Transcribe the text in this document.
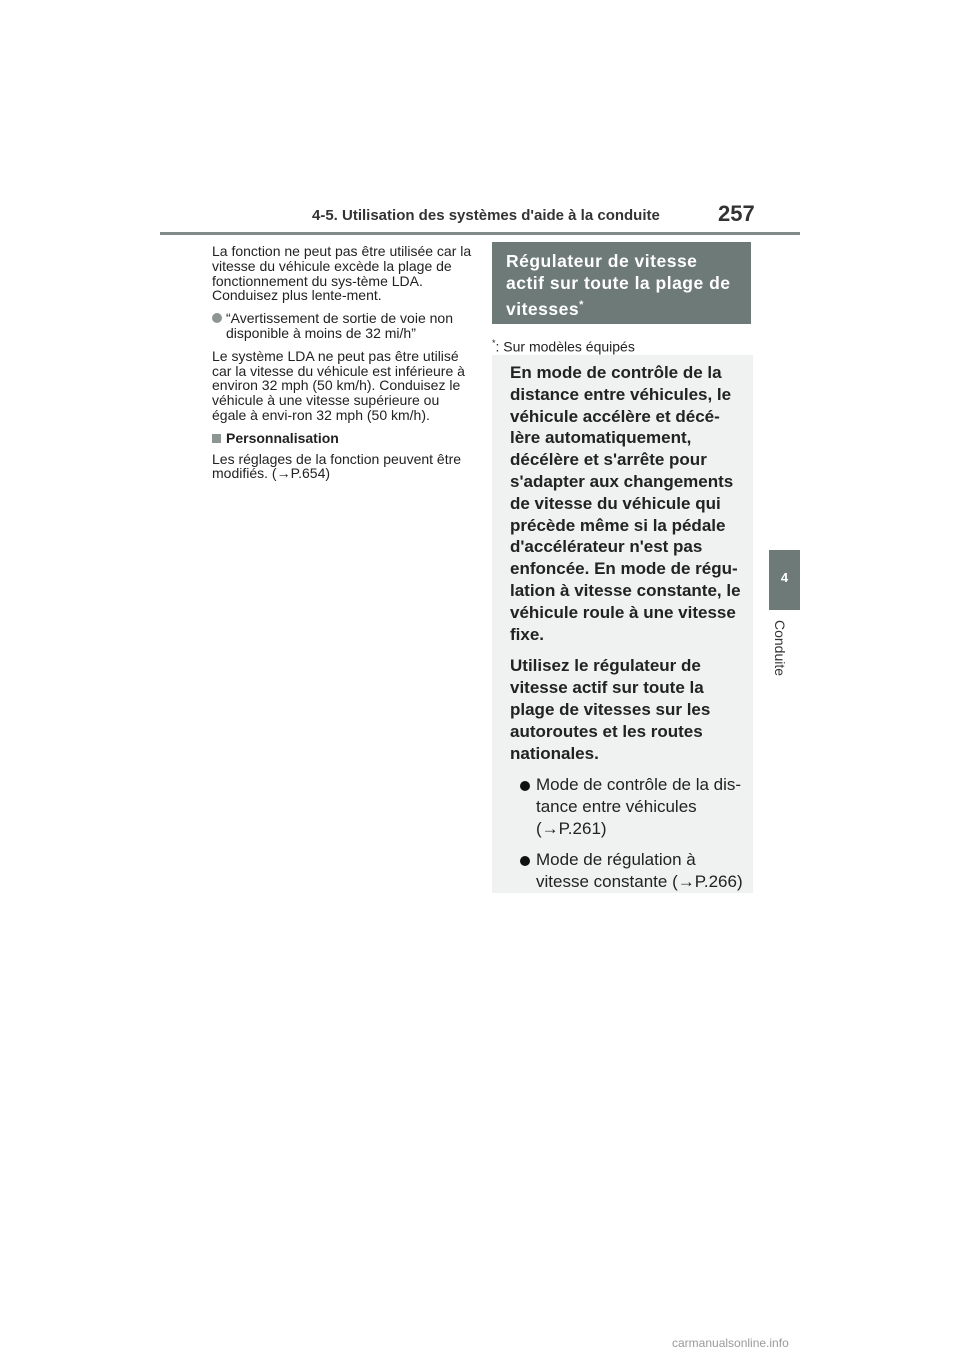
4-5. Utilisation des systèmes d'aide à la conduite	257
4
Conduite

La fonction ne peut pas être utilisée car la vitesse du véhicule excède la plage de fonctionnement du sys-tème LDA. Conduisez plus lente-ment.

“Avertissement de sortie de voie non disponible à moins de 32 mi/h”

Le système LDA ne peut pas être utilisé car la vitesse du véhicule est inférieure à environ 32 mph (50 km/h). Conduisez le véhicule à une vitesse supérieure ou égale à envi-ron 32 mph (50 km/h).

Personnalisation

Les réglages de la fonction peuvent être modifiés. (→P.654)

Régulateur de vitesse actif sur toute la plage de vitesses*
*: Sur modèles équipés
En mode de contrôle de la distance entre véhicules, le véhicule accélère et décé-lère automatiquement, décélère et s'arrête pour s'adapter aux changements de vitesse du véhicule qui précède même si la pédale d'accélérateur n'est pas enfoncée. En mode de régu-lation à vitesse constante, le véhicule roule à une vitesse fixe.
Utilisez le régulateur de vitesse actif sur toute la plage de vitesses sur les autoroutes et les routes nationales.
Mode de contrôle de la dis-tance entre véhicules (→P.261)
Mode de régulation à vitesse constante (→P.266)
carmanualsonline.info
